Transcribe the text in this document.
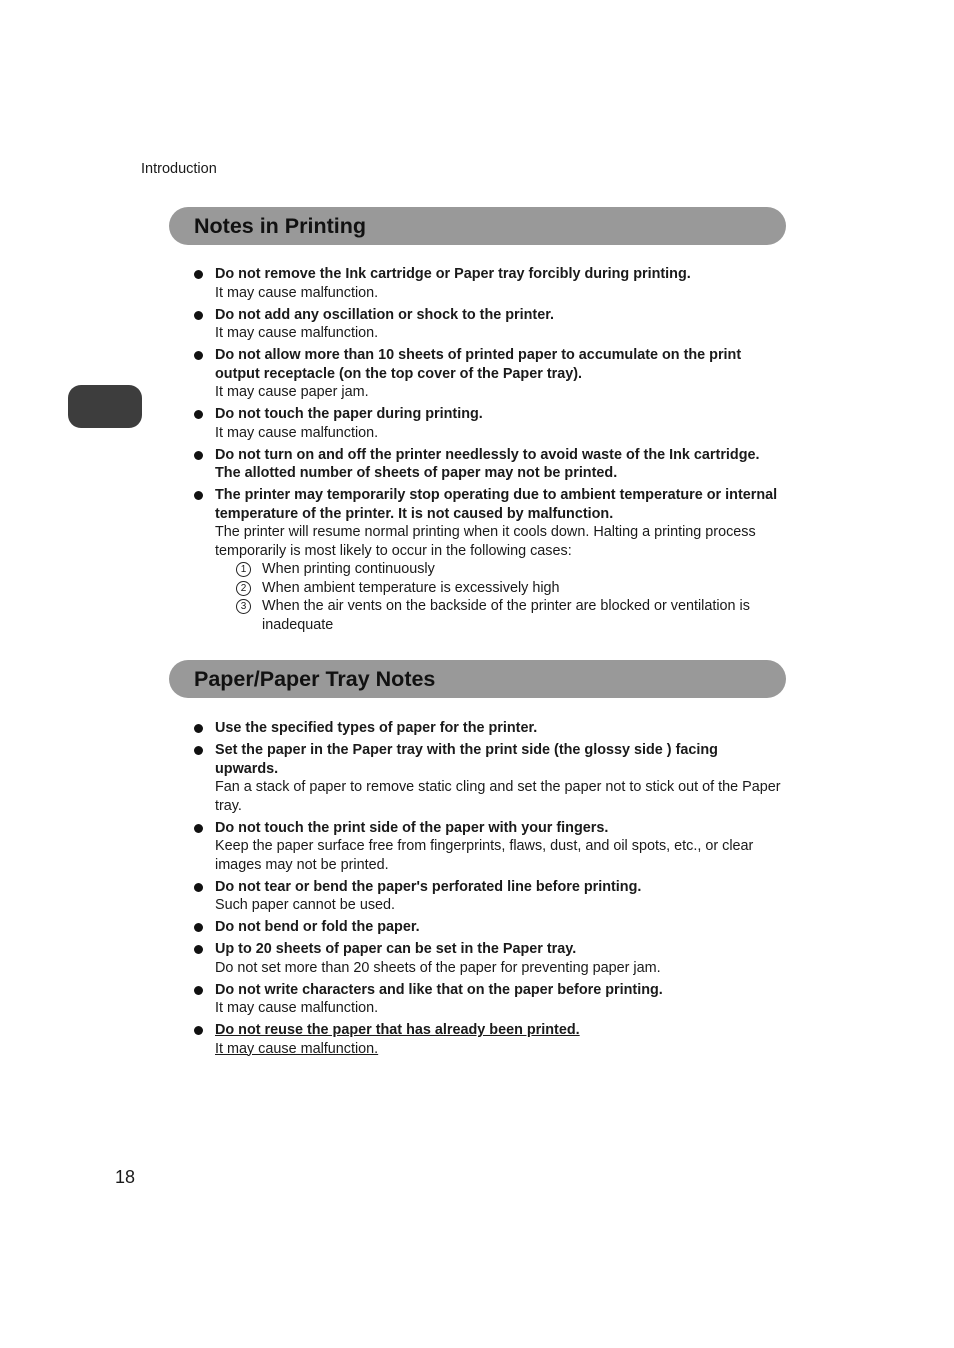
Introduction
Notes in Printing
Do not remove the Ink cartridge or Paper tray forcibly during printing.
It may cause malfunction.
Do not add any oscillation or shock to the printer.
It may cause malfunction.
Do not allow more than 10 sheets of printed paper to accumulate on the print output receptacle (on the top cover of the Paper tray).
It may cause paper jam.
Do not touch the paper during printing.
It may cause malfunction.
Do not turn on and off the printer needlessly to avoid waste of the Ink cartridge. The allotted number of sheets of paper may not be printed.
The printer may temporarily stop operating due to ambient temperature or internal temperature of the printer. It is not caused by malfunction.
The printer will resume normal printing when it cools down. Halting a printing process temporarily is most likely to occur in the following cases:
1	When printing continuously
2	When ambient temperature is excessively high
3	When the air vents on the backside of the printer are blocked or ventilation is inadequate
Paper/Paper Tray Notes
Use the specified types of paper for the printer.
Set the paper in the Paper tray with the print side (the glossy side ) facing upwards.
Fan a stack of paper to remove static cling and set the paper not to stick out of the Paper tray.
Do not touch the print side of the paper with your fingers.
Keep the paper surface free from fingerprints, flaws, dust, and oil spots, etc., or clear images may not be printed.
Do not tear or bend the paper's perforated line before printing.
Such paper cannot be used.
Do not bend or fold the paper.
Up to 20 sheets of paper can be set in the Paper tray.
Do not set more than 20 sheets of the paper for preventing paper jam.
Do not write characters and like that on the paper before printing.
It may cause malfunction.
Do not reuse the paper that has already been printed.
It may cause malfunction.
18
